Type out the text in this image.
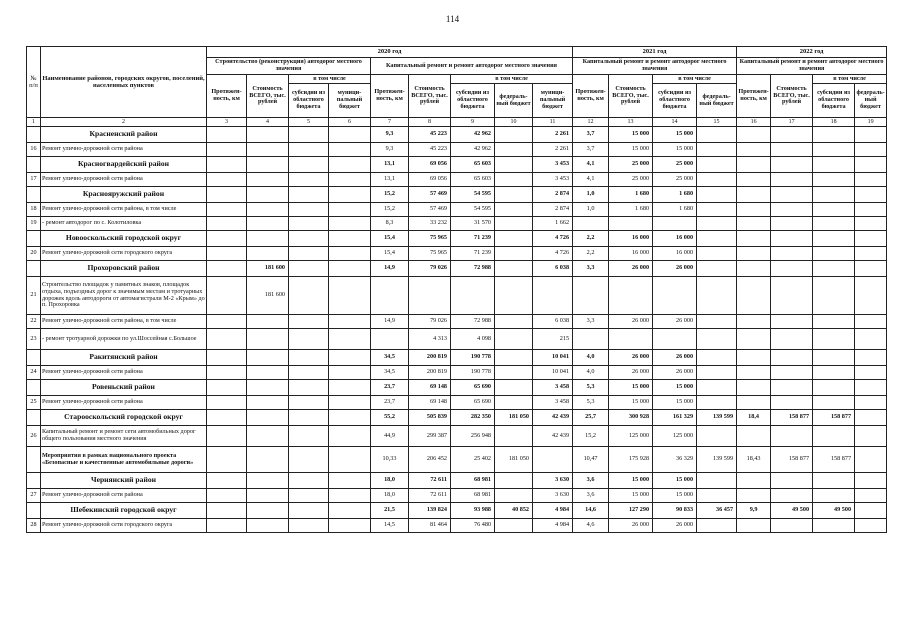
114
№
п/п	Наименование районов, городских округов, поселений, населенных пунктов	2020 год									2021 год				2022 год			
		Строительство (реконструкция) автодорог местного значения				Капитальный ремонт и ремонт автодорог местного значения					Капитальный ремонт и ремонт автодорог местного значения				Капитальный ремонт и ремонт автодорог местного значения			
		Протяжен-ность, км	Стоимость ВСЕГО, тыс. рублей	в том числе		Протяжен-ность, км	Стоимость ВСЕГО, тыс. рублей	в том числе			Протяжен-ность, км	Стоимость ВСЕГО, тыс. рублей	в том числе		Протяжен-ность, км	Стоимость ВСЕГО, тыс. рублей	в том числе	
				субсидии из областного бюджета	муници-пальный бюджет			субсидии из областного бюджета	федераль-ный бюджет	муници-пальный бюджет			субсидии из областного бюджета	федераль-ный бюджет			субсидии из областного бюджета	федераль-ный бюджет
1	2	3	4	5	6	7	8	9	10	11	12	13	14	15	16	17	18	19
	Красненский район					9,3	45 223	42 962		2 261	3,7	15 000	15 000					
16	Ремонт улично-дорожной сети района					9,3	45 223	42 962		2 261	3,7	15 000	15 000					
	Красногвардейский район					13,1	69 056	65 603		3 453	4,1	25 000	25 000					
17	Ремонт улично-дорожной сети района					13,1	69 056	65 603		3 453	4,1	25 000	25 000					
	Краснояружский район					15,2	57 469	54 595		2 874	1,0	1 680	1 680					
18	Ремонт улично-дорожной сети района, в том числе					15,2	57 469	54 595		2 874	1,0	1 680	1 680					
19	- ремонт автодорог по с. Колотиловка					8,3	33 232	31 570		1 662								
	Новооскольский городской округ					15,4	75 965	71 239		4 726	2,2	16 000	16 000					
20	Ремонт улично-дорожной сети городского округа					15,4	75 965	71 239		4 726	2,2	16 000	16 000					
	Прохоровский район		181 600			14,9	79 026	72 988		6 038	3,3	26 000	26 000					
21	Строительство площадок у памятных знаков, площадок отдыха, подъездных дорог к значимым местам и тротуарных дорожек вдоль автодороги от автомагистрали М-2 «Крым» до п. Прохоровка		181 600															
22	Ремонт улично-дорожной сети района, в том числе					14,9	79 026	72 988		6 038	3,3	26 000	26 000					
23	- ремонт тротуарной дорожки по ул.Шоссейная с.Большое						4 313	4 098		215								
	Ракитянский район					34,5	200 819	190 778		10 041	4,0	26 000	26 000					
24	Ремонт улично-дорожной сети района					34,5	200 819	190 778		10 041	4,0	26 000	26 000					
	Ровеньский район					23,7	69 148	65 690		3 458	5,3	15 000	15 000					
25	Ремонт улично-дорожной сети района					23,7	69 148	65 690		3 458	5,3	15 000	15 000					
	Старооскольский городской округ					55,2	505 839	282 350	181 050	42 439	25,7	300 928	161 329	139 599	18,4	158 877	158 877	
26	Капитальный ремонт и ремонт сети автомобильных дорог общего пользования местного значения					44,9	299 387	256 948		42 439	15,2	125 000	125 000					
	Мероприятия в рамках национального проекта «Безопасные и качественные автомобильные дороги»					10,33	206 452	25 402	181 050		10,47	175 928	36 329	139 599	18,43	158 877	158 877	
	Чернянский район					18,0	72 611	68 981		3 630	3,6	15 000	15 000					
27	Ремонт улично-дорожной сети района					18,0	72 611	68 981		3 630	3,6	15 000	15 000					
	Шебекинский городской округ					21,5	139 824	93 988	40 852	4 984	14,6	127 290	90 833	36 457	9,9	49 500	49 500	
28	Ремонт улично-дорожной сети городского округа					14,5	81 464	76 480		4 984	4,6	26 000	26 000					
